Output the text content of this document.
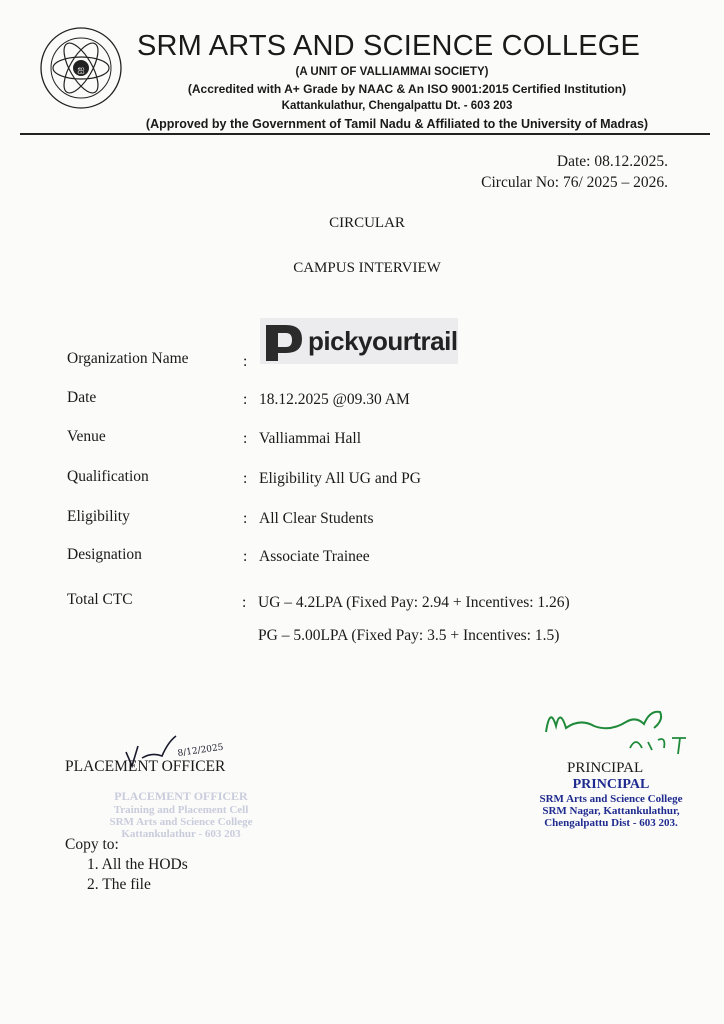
ஐ
SRM ARTS AND SCIENCE COLLEGE
(A UNIT OF VALLIAMMAI SOCIETY)
(Accredited with A+ Grade by NAAC & An ISO 9001:2015 Certified Institution)
Kattankulathur, Chengalpattu Dt. - 603 203
(Approved by the Government of Tamil Nadu & Affiliated to the University of Madras)
Date: 08.12.2025.
Circular No: 76/ 2025 – 2026.
CIRCULAR
CAMPUS INTERVIEW
pickyourtrail
Organization Name	:
Date	: 18.12.2025 @09.30 AM
Venue	: Valliammai Hall
Qualification	: Eligibility All UG and PG
Eligibility	: All Clear Students
Designation	: Associate Trainee
Total CTC	: UG – 4.2LPA (Fixed Pay: 2.94 + Incentives: 1.26)
PG – 5.00LPA (Fixed Pay: 3.5 + Incentives: 1.5)
8/12/2025
PLACEMENT OFFICER
PLACEMENT OFFICER
Training and Placement Cell
SRM Arts and Science College
Kattankulathur - 603 203
Copy to:
1. All the HODs
2. The file
PRINCIPAL
PRINCIPAL
SRM Arts and Science College
SRM Nagar, Kattankulathur,
Chengalpattu Dist - 603 203.
